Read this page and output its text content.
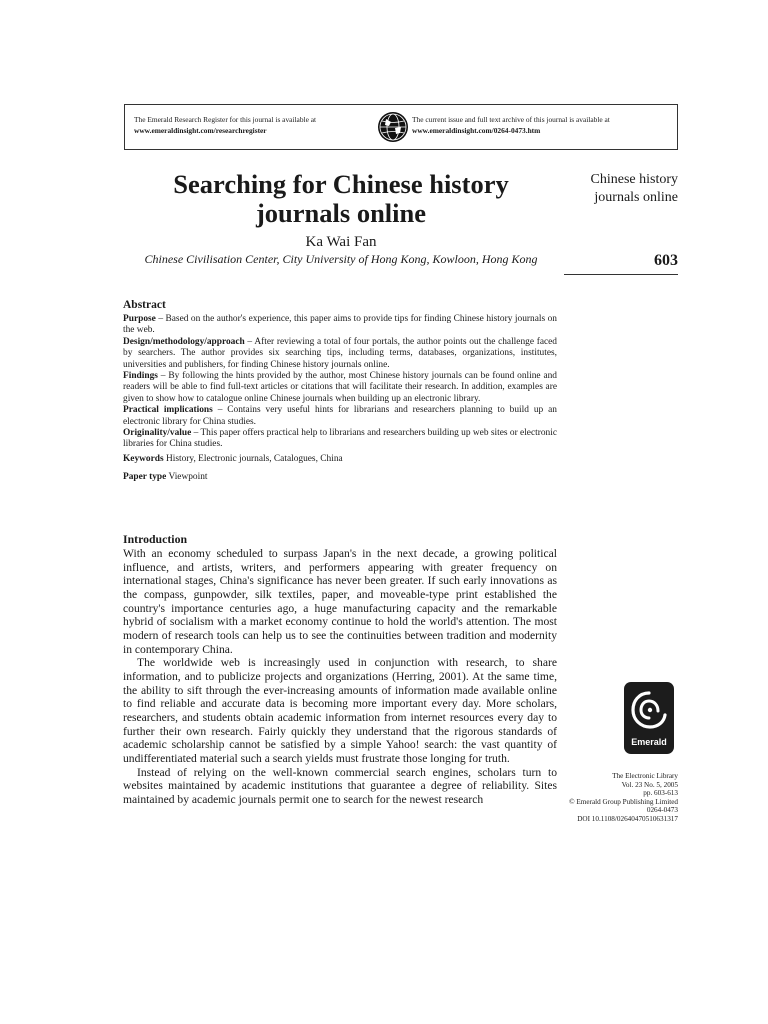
The Emerald Research Register for this journal is available at
www.emeraldinsight.com/researchregister
The current issue and full text archive of this journal is available at
www.emeraldinsight.com/0264-0473.htm
Searching for Chinese history journals online
Ka Wai Fan
Chinese Civilisation Center, City University of Hong Kong, Kowloon, Hong Kong
Chinese history journals online
603
Abstract

Purpose – Based on the author's experience, this paper aims to provide tips for finding Chinese history journals on the web.

Design/methodology/approach – After reviewing a total of four portals, the author points out the challenge faced by searchers. The author provides six searching tips, including terms, databases, organizations, institutes, universities and publishers, for finding Chinese history journals online.

Findings – By following the hints provided by the author, most Chinese history journals can be found online and readers will be able to find full-text articles or citations that will facilitate their research. In addition, examples are given to show how to catalogue online Chinese journals when building up an electronic library.

Practical implications – Contains very useful hints for librarians and researchers planning to build up an electronic library for China studies.

Originality/value – This paper offers practical help to librarians and researchers building up web sites or electronic libraries for China studies.

Keywords History, Electronic journals, Catalogues, China

Paper type Viewpoint

Introduction

With an economy scheduled to surpass Japan's in the next decade, a growing political influence, and artists, writers, and performers appearing with greater frequency on international stages, China's significance has never been greater. If such early innovations as the compass, gunpowder, silk textiles, paper, and moveable-type print established the country's importance centuries ago, a huge manufacturing capacity and the remarkable hybrid of socialism with a market economy continue to hold the world's attention. The most modern of research tools can help us to see the continuities between tradition and modernity in contemporary China.

The worldwide web is increasingly used in conjunction with research, to share information, and to publicize projects and organizations (Herring, 2001). At the same time, the ability to sift through the ever-increasing amounts of information made available online to find reliable and accurate data is becoming more important every day. More scholars, researchers, and students obtain academic information from internet resources every day to further their own research. Fairly quickly they understand that the rigorous standards of academic scholarship cannot be satisfied by a simple Yahoo! search: the vast quantity of undifferentiated material such a search yields must frustrate those longing for truth.

Instead of relying on the well-known commercial search engines, scholars turn to websites maintained by academic institutions that guarantee a degree of reliability. Sites maintained by academic journals permit one to search for the newest research

Emerald
The Electronic Library
Vol. 23 No. 5, 2005
pp. 603-613
© Emerald Group Publishing Limited
0264-0473
DOI 10.1108/02640470510631317
